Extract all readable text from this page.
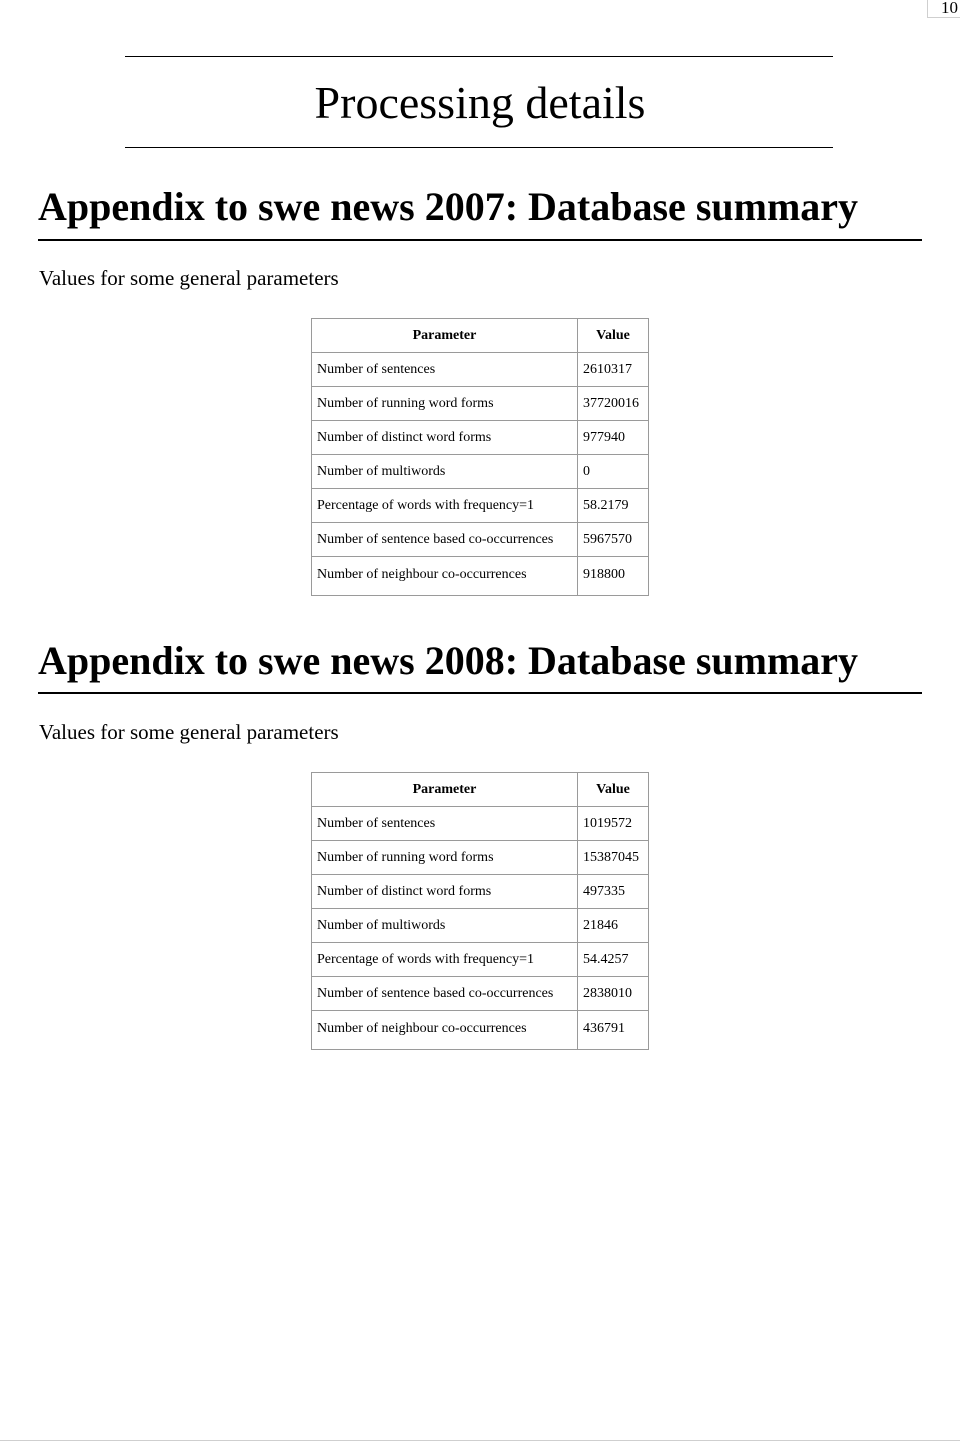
10
Processing details
Appendix to swe news 2007: Database summary

Values for some general parameters

Parameter	Value
Number of sentences	2610317
Number of running word forms	37720016
Number of distinct word forms	977940
Number of multiwords	0
Percentage of words with frequency=1	58.2179
Number of sentence based co-occurrences	5967570
Number of neighbour co-occurrences	918800
Appendix to swe news 2008: Database summary

Values for some general parameters

Parameter	Value
Number of sentences	1019572
Number of running word forms	15387045
Number of distinct word forms	497335
Number of multiwords	21846
Percentage of words with frequency=1	54.4257
Number of sentence based co-occurrences	2838010
Number of neighbour co-occurrences	436791
